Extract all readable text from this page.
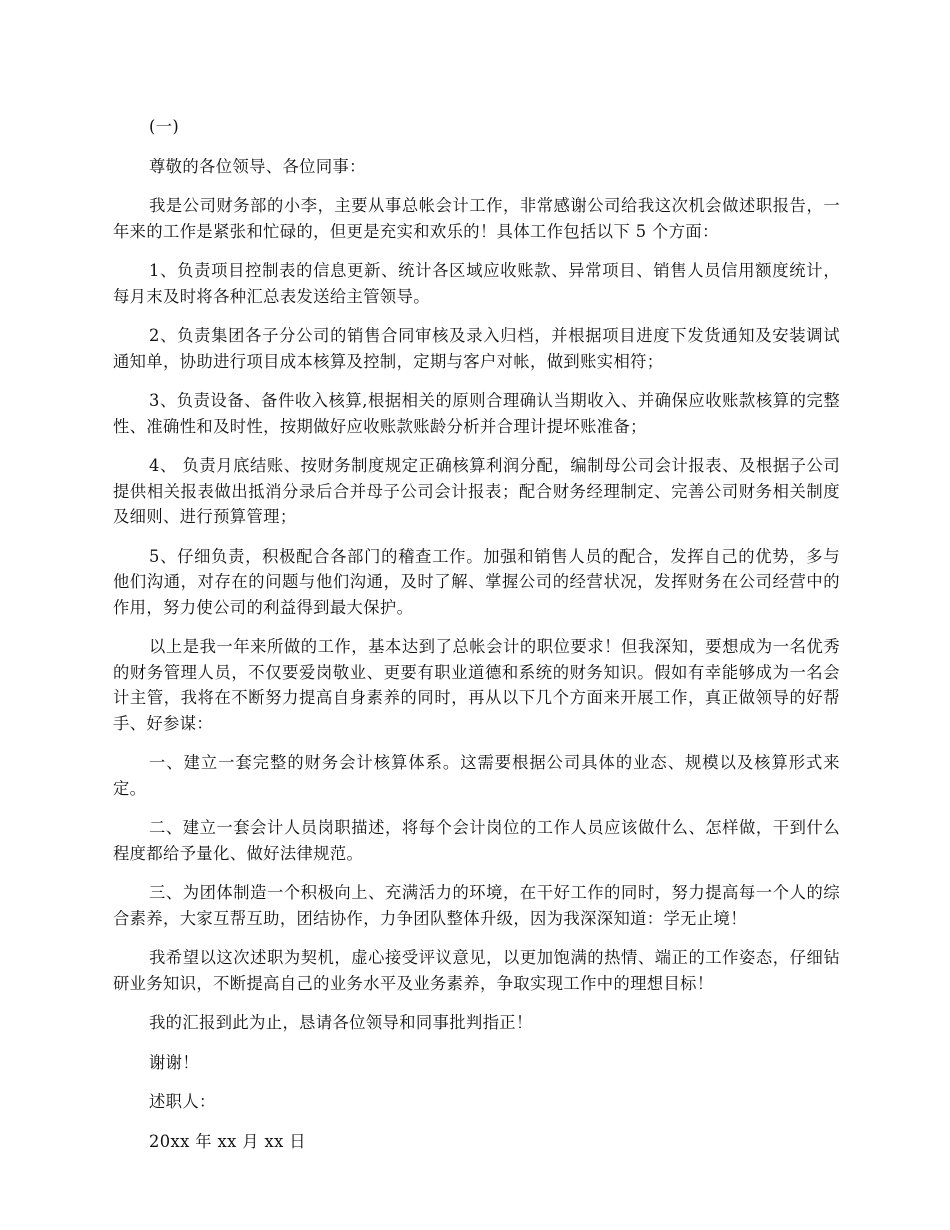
(一)

尊敬的各位领导、各位同事：

我是公司财务部的小李，主要从事总帐会计工作，非常感谢公司给我这次机会做述职报告，一年来的工作是紧张和忙碌的，但更是充实和欢乐的！具体工作包括以下 5 个方面：

1、负责项目控制表的信息更新、统计各区域应收账款、异常项目、销售人员信用额度统计，每月末及时将各种汇总表发送给主管领导。

2、负责集团各子分公司的销售合同审核及录入归档，并根据项目进度下发货通知及安装调试通知单，协助进行项目成本核算及控制，定期与客户对帐，做到账实相符；

3、负责设备、备件收入核算,根据相关的原则合理确认当期收入、并确保应收账款核算的完整性、准确性和及时性，按期做好应收账款账龄分析并合理计提坏账准备；

4、 负责月底结账、按财务制度规定正确核算利润分配，编制母公司会计报表、及根据子公司 提供相关报表做出抵消分录后合并母子公司会计报表；配合财务经理制定、完善公司财务相关制度及细则、进行预算管理；

5、仔细负责，积极配合各部门的稽查工作。加强和销售人员的配合，发挥自己的优势，多与他们沟通，对存在的问题与他们沟通，及时了解、掌握公司的经营状况，发挥财务在公司经营中的作用，努力使公司的利益得到最大保护。

以上是我一年来所做的工作，基本达到了总帐会计的职位要求！但我深知，要想成为一名优秀的财务管理人员，不仅要爱岗敬业、更要有职业道德和系统的财务知识。假如有幸能够成为一名会计主管，我将在不断努力提高自身素养的同时，再从以下几个方面来开展工作，真正做领导的好帮手、好参谋：

一、建立一套完整的财务会计核算体系。这需要根据公司具体的业态、规模以及核算形式来定。

二、建立一套会计人员岗职描述，将每个会计岗位的工作人员应该做什么、怎样做，干到什么程度都给予量化、做好法律规范。

三、为团体制造一个积极向上、充满活力的环境，在干好工作的同时，努力提高每一个人的综合素养，大家互帮互助，团结协作，力争团队整体升级，因为我深深知道：学无止境！

我希望以这次述职为契机，虚心接受评议意见，以更加饱满的热情、端正的工作姿态，仔细钻研业务知识，不断提高自己的业务水平及业务素养，争取实现工作中的理想目标！

我的汇报到此为止，恳请各位领导和同事批判指正！

谢谢！

述职人：

20xx 年 xx 月 xx 日
